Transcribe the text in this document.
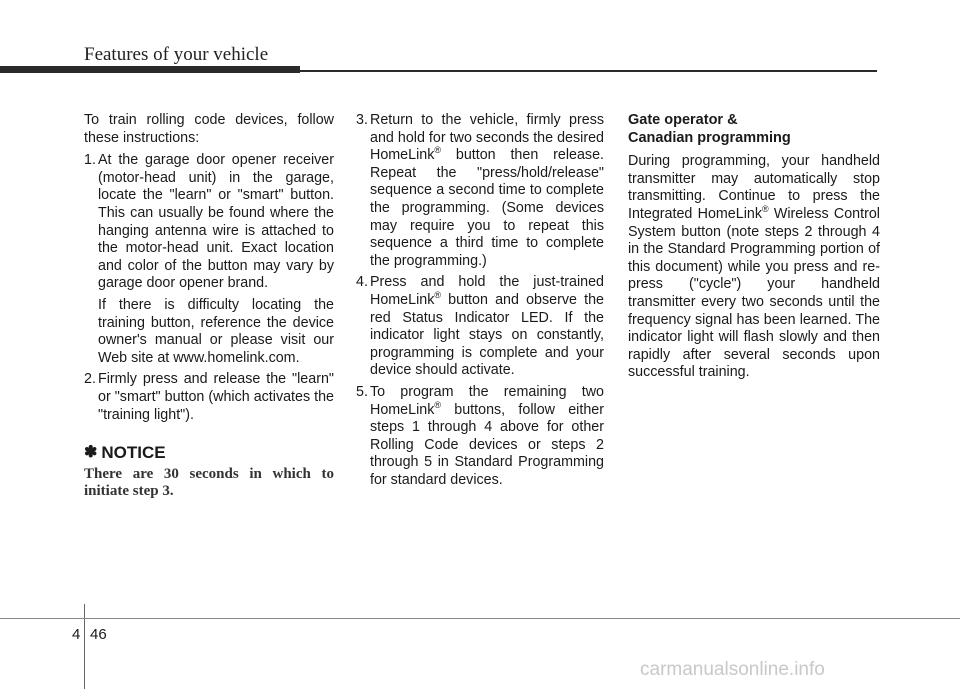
Features of your vehicle

To train rolling code devices, follow these instructions:

1. At the garage door opener receiver (motor-head unit) in the garage, locate the "learn" or "smart" button. This can usually be found where the hanging antenna wire is attached to the motor-head unit. Exact location and color of the button may vary by garage door opener brand.

If there is difficulty locating the training button, reference the device owner's manual or please visit our Web site at www.homelink.com.

2. Firmly press and release the "learn" or "smart" button (which activates the "training light").
✽ NOTICE

There are 30 seconds in which to initiate step 3.

3. Return to the vehicle, firmly press and hold for two seconds the desired HomeLink® button then release. Repeat the "press/hold/release" sequence a second time to complete the programming. (Some devices may require you to repeat this sequence a third time to complete the programming.)
4. Press and hold the just-trained HomeLink® button and observe the red Status Indicator LED. If the indicator light stays on constantly, programming is complete and your device should activate.
5. To program the remaining two HomeLink® buttons, follow either steps 1 through 4 above for other Rolling Code devices or steps 2 through 5 in Standard Programming for standard devices.
Gate operator &
Canadian programming

During programming, your handheld transmitter may automatically stop transmitting. Continue to press the Integrated HomeLink® Wireless Control System button (note steps 2 through 4 in the Standard Programming portion of this document) while you press and re-press ("cycle") your handheld transmitter every two seconds until the frequency signal has been learned. The indicator light will flash slowly and then rapidly after several seconds upon successful training.

4 46
carmanualsonline.info
